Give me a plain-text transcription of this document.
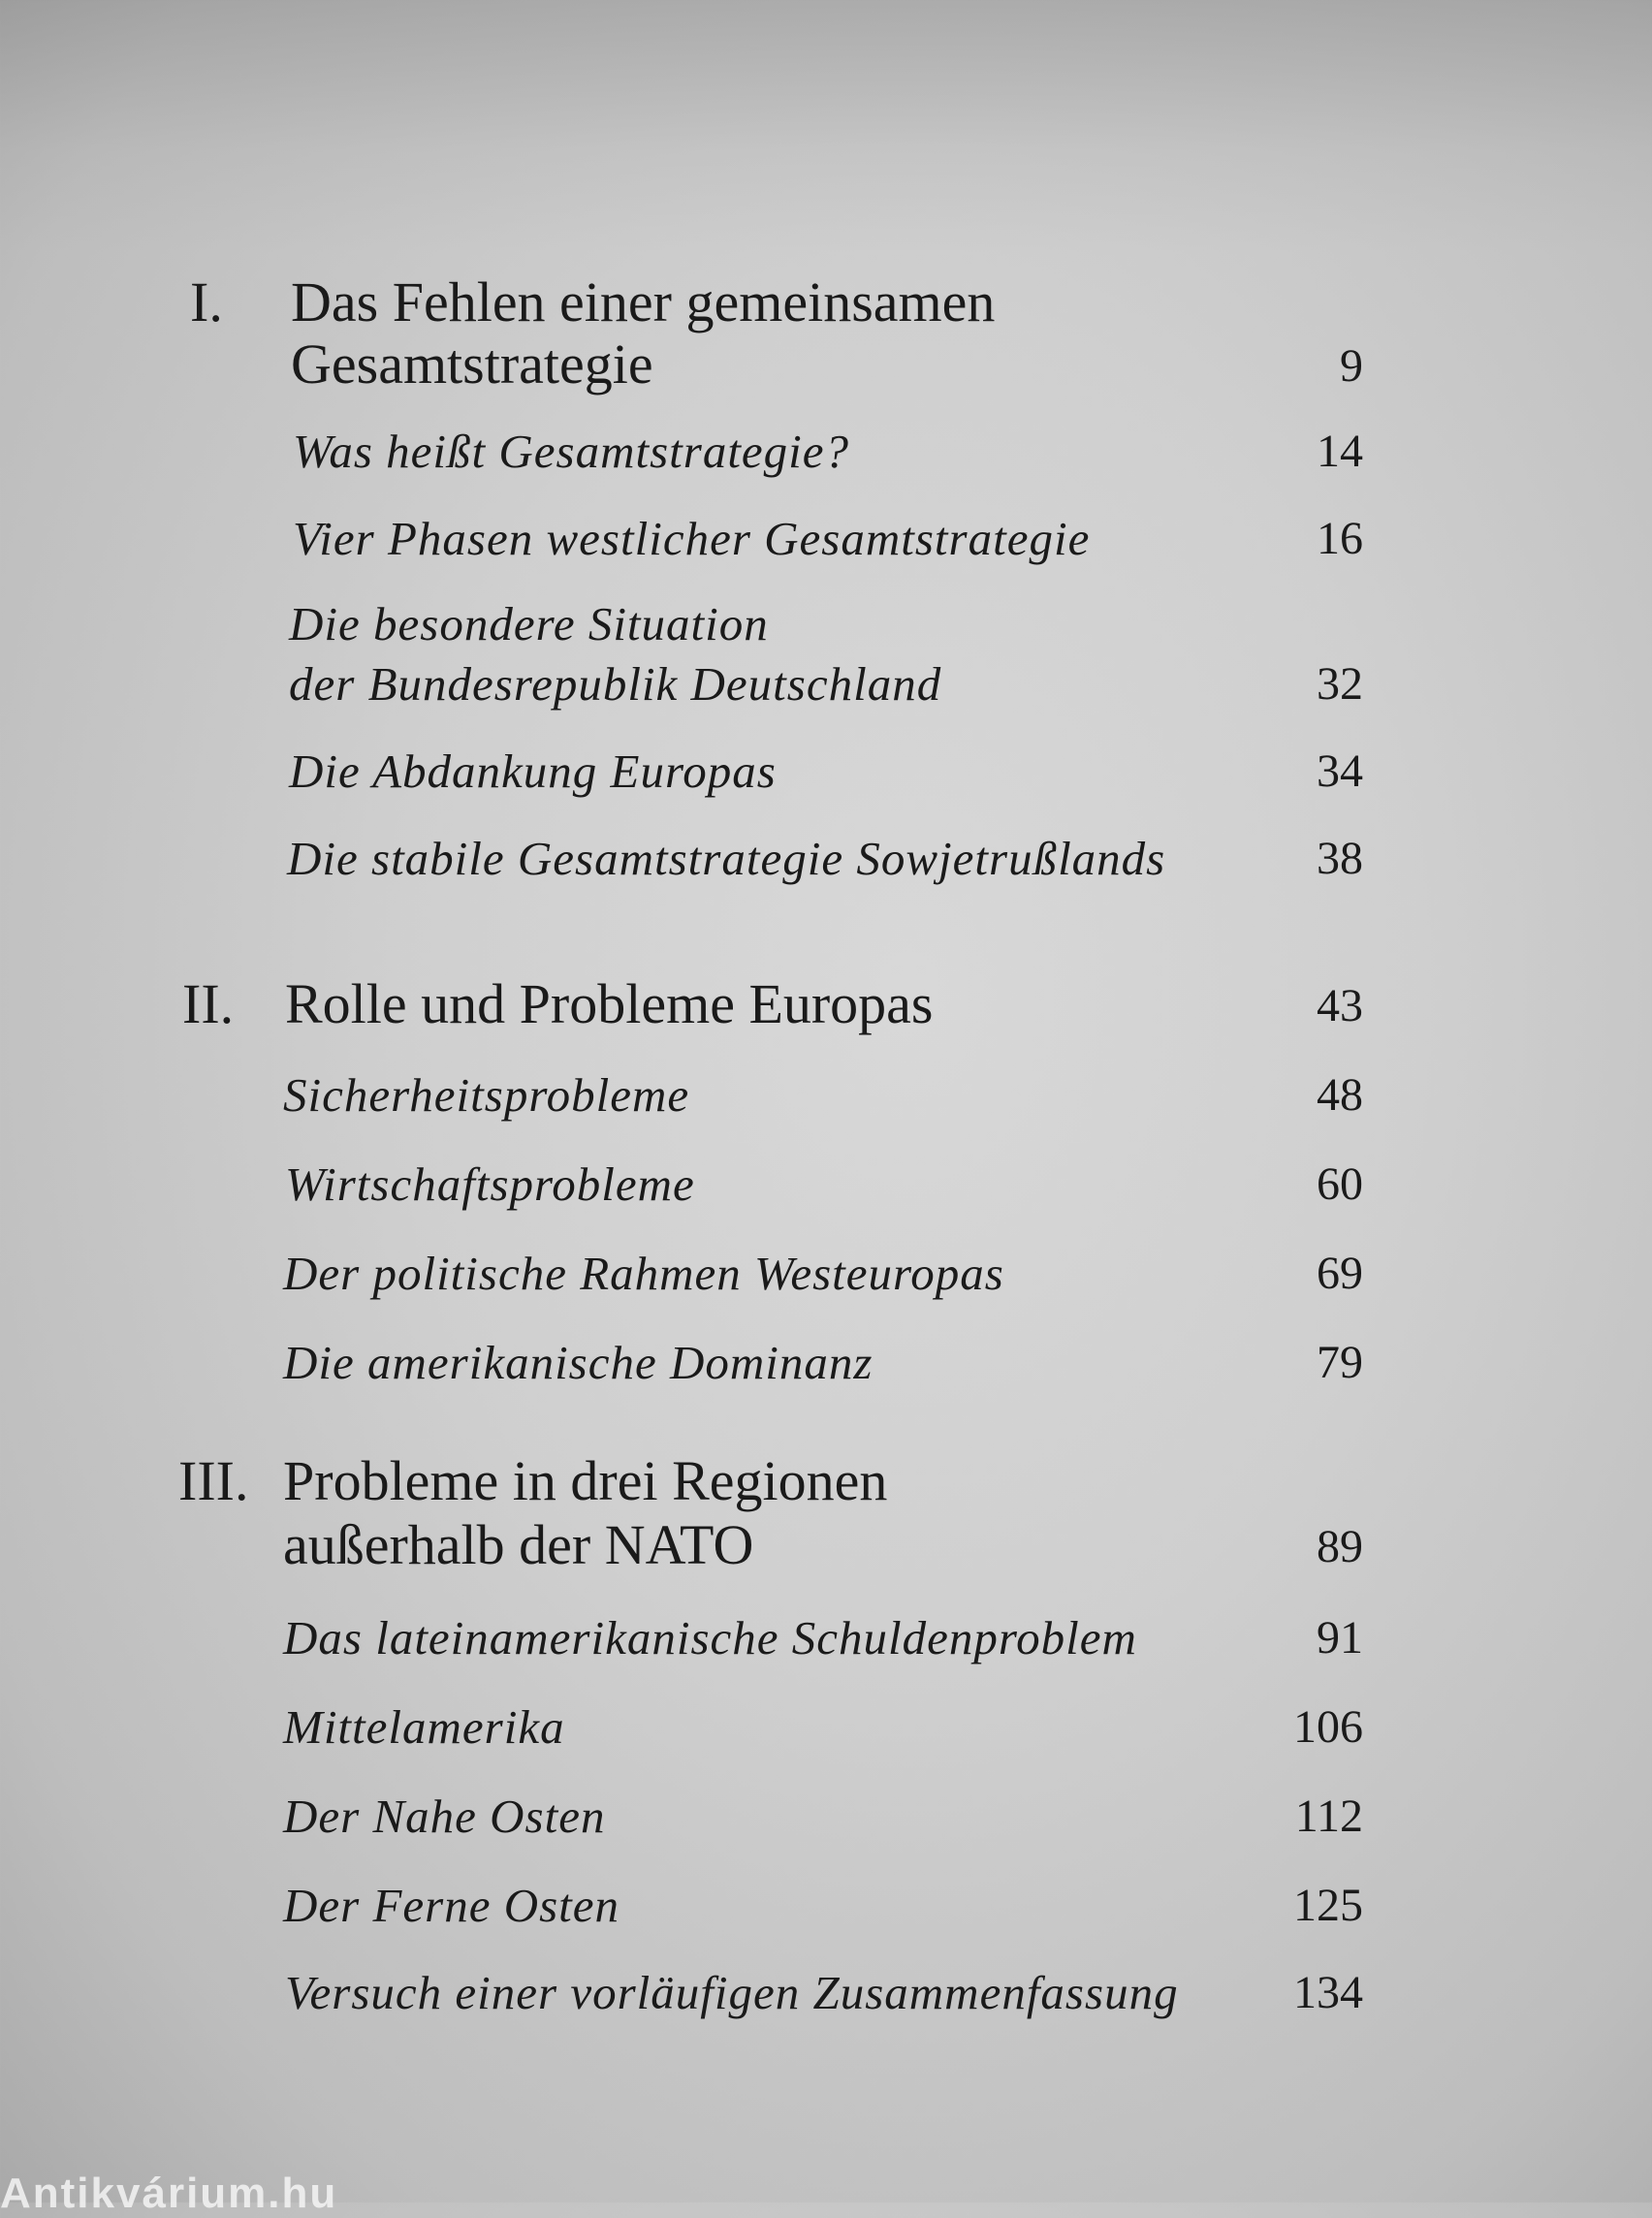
I. Das Fehlen einer gemeinsamen
Gesamtstrategie	9
Was heißt Gesamtstrategie?	14
Vier Phasen westlicher Gesamtstrategie	16
Die besondere Situation
der Bundesrepublik Deutschland	32
Die Abdankung Europas	34
Die stabile Gesamtstrategie Sowjetrußlands	38
II. Rolle und Probleme Europas	43
Sicherheitsprobleme	48
Wirtschaftsprobleme	60
Der politische Rahmen Westeuropas	69
Die amerikanische Dominanz	79
III. Probleme in drei Regionen
außerhalb der NATO	89
Das lateinamerikanische Schuldenproblem	91
Mittelamerika	106
Der Nahe Osten	112
Der Ferne Osten	125
Versuch einer vorläufigen Zusammenfassung 134
Antikvárium.hu
